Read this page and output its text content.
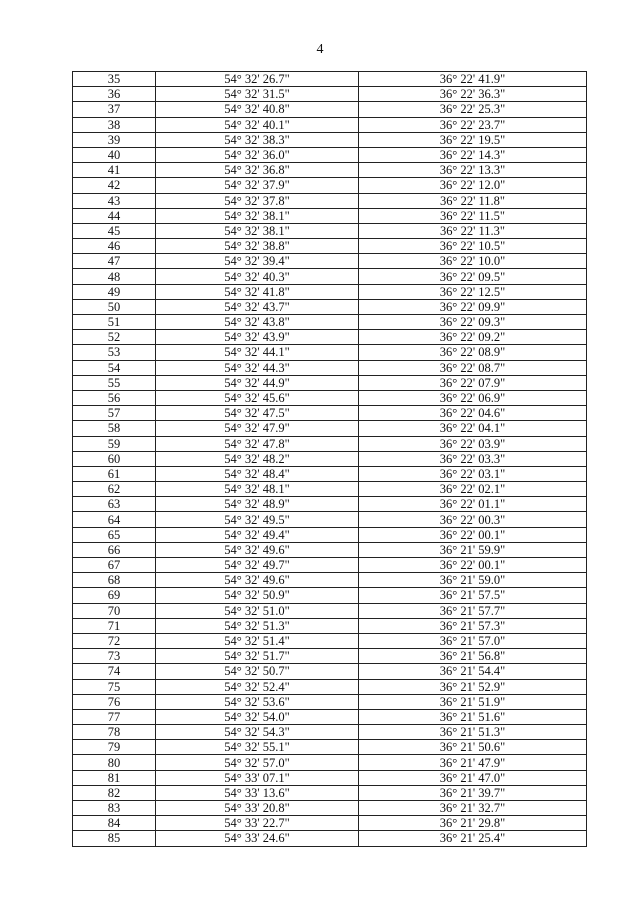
4
35	54° 32' 26.7"	36° 22' 41.9"
36	54° 32' 31.5"	36° 22' 36.3"
37	54° 32' 40.8"	36° 22' 25.3"
38	54° 32' 40.1"	36° 22' 23.7"
39	54° 32' 38.3"	36° 22' 19.5"
40	54° 32' 36.0"	36° 22' 14.3"
41	54° 32' 36.8"	36° 22' 13.3"
42	54° 32' 37.9"	36° 22' 12.0"
43	54° 32' 37.8"	36° 22' 11.8"
44	54° 32' 38.1"	36° 22' 11.5"
45	54° 32' 38.1"	36° 22' 11.3"
46	54° 32' 38.8"	36° 22' 10.5"
47	54° 32' 39.4"	36° 22' 10.0"
48	54° 32' 40.3"	36° 22' 09.5"
49	54° 32' 41.8"	36° 22' 12.5"
50	54° 32' 43.7"	36° 22' 09.9"
51	54° 32' 43.8"	36° 22' 09.3"
52	54° 32' 43.9"	36° 22' 09.2"
53	54° 32' 44.1"	36° 22' 08.9"
54	54° 32' 44.3"	36° 22' 08.7"
55	54° 32' 44.9"	36° 22' 07.9"
56	54° 32' 45.6"	36° 22' 06.9"
57	54° 32' 47.5"	36° 22' 04.6"
58	54° 32' 47.9"	36° 22' 04.1"
59	54° 32' 47.8"	36° 22' 03.9"
60	54° 32' 48.2"	36° 22' 03.3"
61	54° 32' 48.4"	36° 22' 03.1"
62	54° 32' 48.1"	36° 22' 02.1"
63	54° 32' 48.9"	36° 22' 01.1"
64	54° 32' 49.5"	36° 22' 00.3"
65	54° 32' 49.4"	36° 22' 00.1"
66	54° 32' 49.6"	36° 21' 59.9"
67	54° 32' 49.7"	36° 22' 00.1"
68	54° 32' 49.6"	36° 21' 59.0"
69	54° 32' 50.9"	36° 21' 57.5"
70	54° 32' 51.0"	36° 21' 57.7"
71	54° 32' 51.3"	36° 21' 57.3"
72	54° 32' 51.4"	36° 21' 57.0"
73	54° 32' 51.7"	36° 21' 56.8"
74	54° 32' 50.7"	36° 21' 54.4"
75	54° 32' 52.4"	36° 21' 52.9"
76	54° 32' 53.6"	36° 21' 51.9"
77	54° 32' 54.0"	36° 21' 51.6"
78	54° 32' 54.3"	36° 21' 51.3"
79	54° 32' 55.1"	36° 21' 50.6"
80	54° 32' 57.0"	36° 21' 47.9"
81	54° 33' 07.1"	36° 21' 47.0"
82	54° 33' 13.6"	36° 21' 39.7"
83	54° 33' 20.8"	36° 21' 32.7"
84	54° 33' 22.7"	36° 21' 29.8"
85	54° 33' 24.6"	36° 21' 25.4"
